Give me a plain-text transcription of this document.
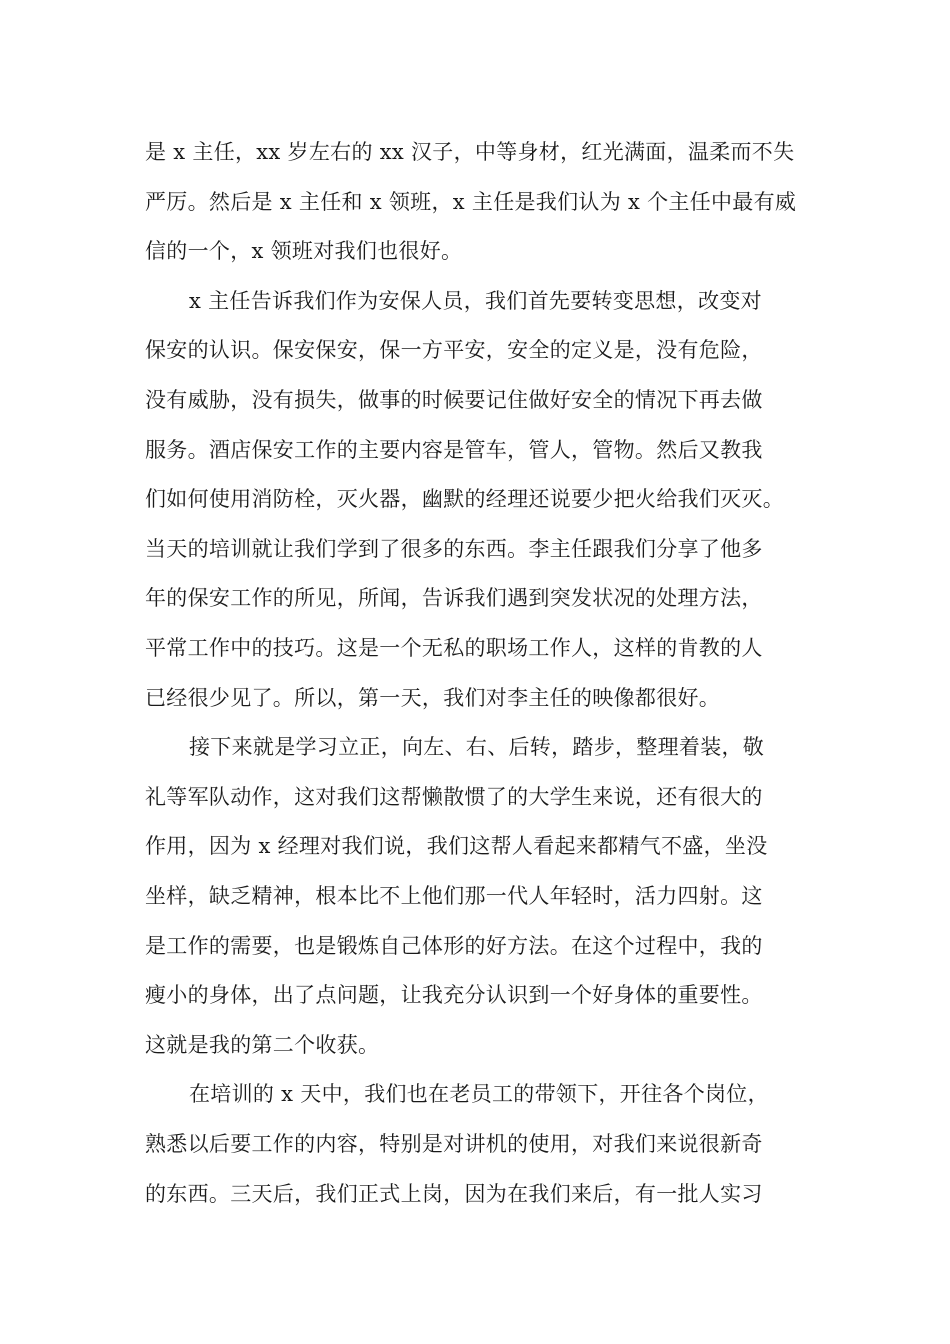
是 x 主任，xx 岁左右的 xx 汉子，中等身材，红光满面，温柔而不失
严厉。然后是 x 主任和 x 领班，x 主任是我们认为 x 个主任中最有威
信的一个，x 领班对我们也很好。
x 主任告诉我们作为安保人员，我们首先要转变思想，改变对
保安的认识。保安保安，保一方平安，安全的定义是，没有危险，
没有威胁，没有损失，做事的时候要记住做好安全的情况下再去做
服务。酒店保安工作的主要内容是管车，管人，管物。然后又教我
们如何使用消防栓，灭火器，幽默的经理还说要少把火给我们灭灭。
当天的培训就让我们学到了很多的东西。李主任跟我们分享了他多
年的保安工作的所见，所闻，告诉我们遇到突发状况的处理方法，
平常工作中的技巧。这是一个无私的职场工作人，这样的肯教的人
已经很少见了。所以，第一天，我们对李主任的映像都很好。
接下来就是学习立正，向左、右、后转，踏步，整理着装，敬
礼等军队动作，这对我们这帮懒散惯了的大学生来说，还有很大的
作用，因为 x 经理对我们说，我们这帮人看起来都精气不盛，坐没
坐样，缺乏精神，根本比不上他们那一代人年轻时，活力四射。这
是工作的需要，也是锻炼自己体形的好方法。在这个过程中，我的
瘦小的身体，出了点问题，让我充分认识到一个好身体的重要性。
这就是我的第二个收获。
在培训的 x 天中，我们也在老员工的带领下，开往各个岗位，
熟悉以后要工作的内容，特别是对讲机的使用，对我们来说很新奇
的东西。三天后，我们正式上岗，因为在我们来后，有一批人实习
